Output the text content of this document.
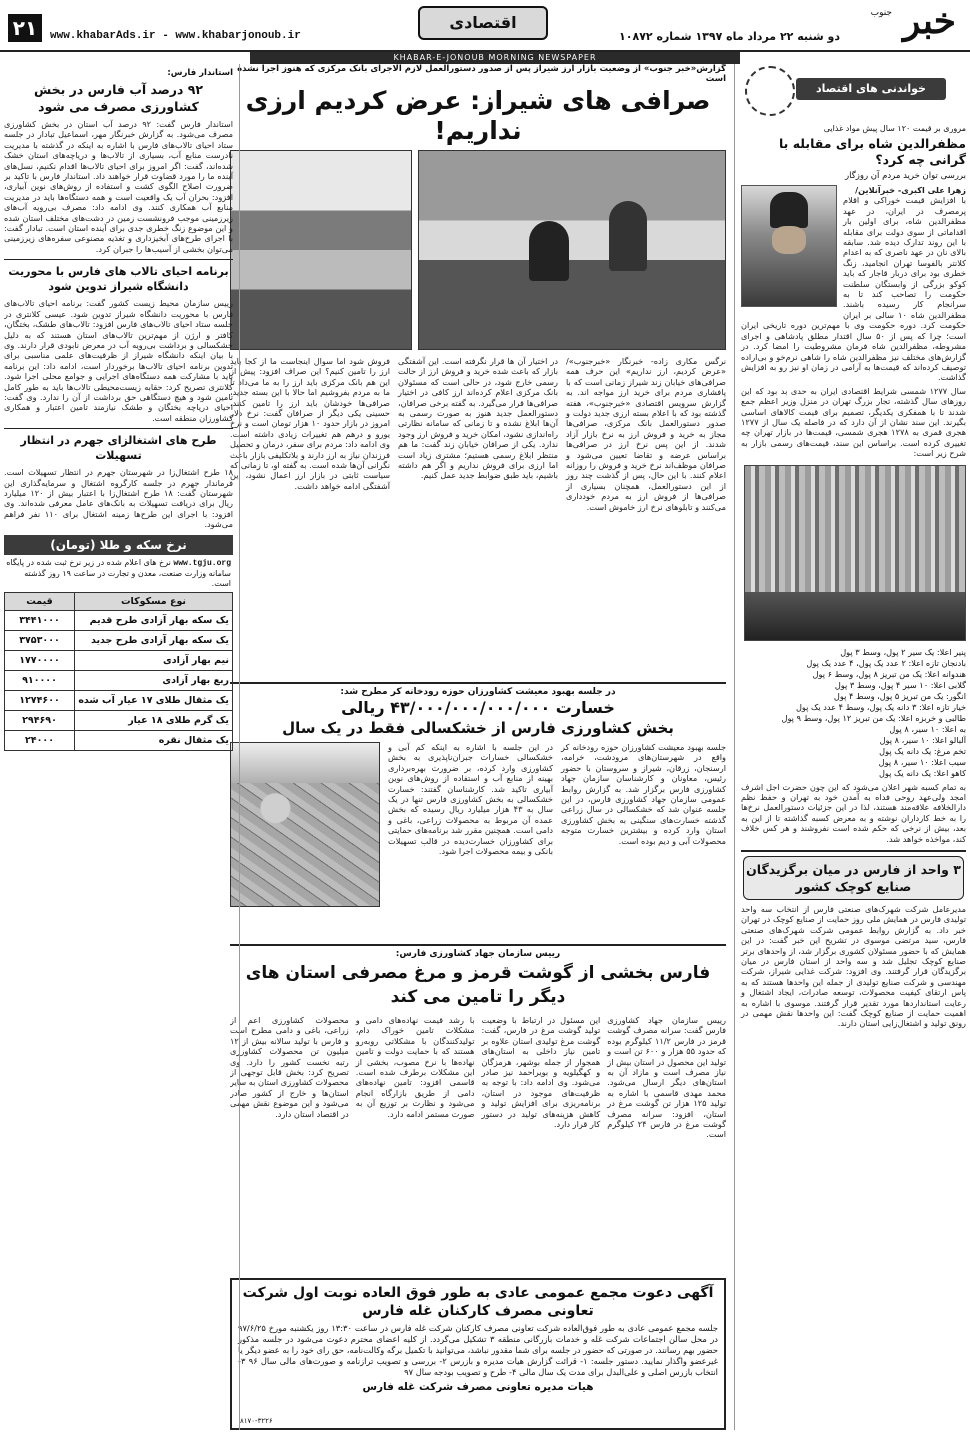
۲۱	www.khabarAds.ir - www.khabarjonoub.ir
اقتصادی
دو شنبه ۲۲ مرداد ماه ۱۳۹۷ شماره ۱۰۸۷۲ خبر
جنوب
KHABAR-E-JONOUB MORNING NEWSPAPER
خواندنی های اقتصاد
مروری بر قیمت ۱۲۰ سال پیش مواد غذایی
مظفرالدین شاه برای مقابله با گرانی چه کرد؟
بررسی توان خرید مردم آن روزگار
زهرا علی اکبری- خبرآنلاین/
با افزایش قیمت خوراکی و اقلام پرمصرف در ایران، در عهد مظفرالدین شاه، برای اولین بار اقداماتی از سوی دولت برای مقابله با این روند تدارک دیده شد. سابقه بالای نان در عهد ناصری که به اعدام کلانتر بالفوسا تهران انجامید، زنگ خطری بود برای دربار قاجار که باید کوکو بزرگی از وابستگان سلطنت حکومت را تصاحب کند تا به سرانجام کار رسیده باشند. مظفرالدین شاه ۱۰ سالی بر ایران حکومت کرد. دوره حکومت وی با مهم‌ترین دوره تاریخی ایران است؛ چرا که پس از ۵۰ سال اقتدار مطلق پادشاهی و اجرای مشروطه، مظفرالدین شاه فرمان مشروطیت را امضا کرد. در گزارش‌های مختلف نیز مظفرالدین شاه را شاهی نرم‌خو و بی‌اراده توصیف کرده‌اند که قیمت‌ها به آرامی در زمان او نیز رو به افزایش گذاشت.
سال ۱۲۷۷ شمسی شرایط اقتصادی ایران به حدی بد بود که این روزهای سال گذشته، تجار بزرگ تهران در منزل وزیر اعظم جمع شدند تا با همفکری یکدیگر، تصمیم برای قیمت کالاهای اساسی بگیرند. این سند نشان از آن دارد که در فاصله یک سال از ۱۲۷۷ هجری قمری به ۱۲۷۸ هجری شمسی، قیمت‌ها در بازار تهران چه تغییری کرده است. براساس این سند، قیمت‌های رسمی بازار به شرح زیر است:
پنیر اعلا: یک سیر ۲ پول، وسط ۳ پول
بادنجان تازه اعلا: ۲ عدد یک پول، ۴ عدد یک پول
هندوانه اعلا: یک من تبریز ۸ پول، وسط ۶ پول
گلابی اعلا: ۱۰ سیر ۴ پول، وسط ۳ پول
انگور: یک من تبریز ۵ پول، وسط ۴ پول
خیار تازه اعلا: ۳ دانه یک پول، وسط ۴ عدد یک پول
طالبی و خربزه اعلا: یک من تبریز ۱۲ پول، وسط ۹ پول
به اعلا: ۱۰ سیر، ۸ پول
آلبالو اعلا: ۱۰ سیر، ۸ پول
تخم مرغ: یک دانه یک پول
سیب اعلا: ۱۰ سیر، ۸ پول
کاهو اعلا: یک دانه یک پول
به تمام کسبه شهر اعلان می‌شود که این چون حضرت اجل اشرف امجد ولی‌عهد روحی فداه به آمدن خود به تهران و حفظ نظم دارالخلافه علاقه‌مند هستند، لذا در این جزئیات دستورالعمل نرخ‌ها را به خط کارداران نوشته و به معرض کسبه گذاشته تا از این به بعد، بیش از نرخی که حکم شده است نفروشند و هر کس خلاف کند، مواخذه خواهد شد.
۳ واحد از فارس در میان برگزیدگان صنایع کوچک کشور
مدیرعامل شرکت شهرک‌های صنعتی فارس از انتخاب سه واحد تولیدی فارس در همایش ملی روز حمایت از صنایع کوچک در تهران خبر داد. به گزارش روابط عمومی شرکت شهرک‌های صنعتی فارس، سید مرتضی موسوی در تشریح این خبر گفت: در این همایش که با حضور مسئولان کشوری برگزار شد، از واحدهای برتر صنایع کوچک تجلیل شد و سه واحد از استان فارس در میان برگزیدگان قرار گرفتند. وی افزود: شرکت غذایی شیراز، شرکت مهندسی و شرکت صنایع تولیدی از جمله این واحدها هستند که به پاس ارتقای کیفیت محصولات، توسعه صادرات، ایجاد اشتغال و رعایت استانداردها مورد تقدیر قرار گرفتند. موسوی با اشاره به اهمیت حمایت از صنایع کوچک گفت: این واحدها نقش مهمی در رونق تولید و اشتغال‌زایی استان دارند.
گزارش«خبر جنوب» از وضعیت بازار ارز شیراز پس از صدور دستورالعمل لازم الاجرای بانک مرکزی که هنوز اجرا نشده است
صرافی های شیراز: عرض کردیم ارزی نداریم!
نرگس مکاری زاده- خبرنگار «خبرجنوب»/ «عرض کردیم، ارز نداریم» این حرف همه صرافی‌های خیابان زند شیراز زمانی است که با پافشاری مردم برای خرید ارز مواجه اند. به گزارش سرویس اقتصادی «خبرجنوب»، هفته گذشته بود که با اعلام بسته ارزی جدید دولت و صدور دستورالعمل بانک مرکزی، صرافی‌ها مجاز به خرید و فروش ارز به نرخ بازار آزاد شدند. از این پس نرخ ارز در صرافی‌ها براساس عرضه و تقاضا تعیین می‌شود و صرافان موظف‌اند نرخ خرید و فروش را روزانه اعلام کنند. با این حال، پس از گذشت چند روز از این دستورالعمل، همچنان بسیاری از صرافی‌ها از فروش ارز به مردم خودداری می‌کنند و تابلوهای نرخ ارز خاموش است.
در اختیار آن ها قرار نگرفته است. این آشفتگی بازار که باعث شده خرید و فروش ارز از حالت رسمی خارج شود، در حالی است که مسئولان بانک مرکزی اعلام کرده‌اند ارز کافی در اختیار صرافی‌ها قرار می‌گیرد. به گفته برخی صرافان، دستورالعمل جدید هنوز به صورت رسمی به آن‌ها ابلاغ نشده و تا زمانی که سامانه نظارتی راه‌اندازی نشود، امکان خرید و فروش ارز وجود ندارد. یکی از صرافان خیابان زند گفت: ما هم منتظر ابلاغ رسمی هستیم؛ مشتری زیاد است اما ارزی برای فروش نداریم و اگر هم داشته باشیم، باید طبق ضوابط جدید عمل کنیم.
فروش شود اما سوال اینجاست ما از کجا باید ارز را تامین کنیم؟ این صراف افزود: پیش از این هم بانک مرکزی باید ارز را به ما می‌داد تا ما به مردم بفروشیم اما حالا با این بسته جدید، صرافی‌ها خودشان باید ارز را تامین کنند. حسینی یکی دیگر از صرافان گفت: نرخ دلار امروز در بازار حدود ۱۰ هزار تومان است و نرخ یورو و درهم هم تغییرات زیادی داشته است. وی ادامه داد: مردم برای سفر، درمان و تحصیل فرزندان نیاز به ارز دارند و بلاتکلیفی بازار باعث نگرانی آن‌ها شده است. به گفته او، تا زمانی که سیاست ثابتی در بازار ارز اعمال نشود، این آشفتگی ادامه خواهد داشت.
در جلسه بهبود معیشت کشاورزان حوزه رودخانه کر مطرح شد:
خسارت ۴۳/۰۰۰/۰۰۰/۰۰۰/۰۰۰ ریالی
بخش کشاورزی فارس از خشکسالی فقط در یک سال
جلسه بهبود معیشت کشاورزان حوزه رودخانه کر واقع در شهرستان‌های مرودشت، خرامه، ارسنجان، زرقان، شیراز و سروستان با حضور رئیس، معاونان و کارشناسان سازمان جهاد کشاورزی فارس برگزار شد. به گزارش روابط عمومی سازمان جهاد کشاورزی فارس، در این جلسه عنوان شد که خشکسالی در سال زراعی گذشته خسارت‌های سنگینی به بخش کشاورزی استان وارد کرده و بیشترین خسارت متوجه محصولات آبی و دیم بوده است.
در این جلسه با اشاره به اینکه کم آبی و خشکسالی خسارات جبران‌ناپذیری به بخش کشاورزی وارد کرده، بر ضرورت بهره‌برداری بهینه از منابع آب و استفاده از روش‌های نوین آبیاری تاکید شد. کارشناسان گفتند: خسارت خشکسالی به بخش کشاورزی فارس تنها در یک سال به ۴۳ هزار میلیارد ریال رسیده که بخش عمده آن مربوط به محصولات زراعی، باغی و دامی است. همچنین مقرر شد برنامه‌های حمایتی برای کشاورزان خسارت‌دیده در قالب تسهیلات بانکی و بیمه محصولات اجرا شود.
رییس سازمان جهاد کشاورزی فارس:
فارس بخشی از گوشت قرمز و مرغ مصرفی استان های دیگر را تامین می کند
رییس سازمان جهاد کشاورزی فارس گفت: سرانه مصرف گوشت قرمز در فارس ۱۱/۲ کیلوگرم بوده که حدود ۵۵ هزار و ۶۰۰ تن است و تولید این محصول در استان بیش از نیاز مصرف است و مازاد آن به استان‌های دیگر ارسال می‌شود. محمد مهدی قاسمی با اشاره به تولید ۱۲۵ هزار تن گوشت مرغ در استان، افزود: سرانه مصرف گوشت مرغ در فارس ۲۴ کیلوگرم است.
این مسئول در ارتباط با وضعیت تولید گوشت مرغ در فارس، گفت: گوشت مرغ تولیدی استان علاوه بر تامین نیاز داخلی به استان‌های همجوار از جمله بوشهر، هرمزگان و کهگیلویه و بویراحمد نیز صادر می‌شود. وی ادامه داد: با توجه به ظرفیت‌های موجود در استان، برنامه‌ریزی برای افزایش تولید و کاهش هزینه‌های تولید در دستور کار قرار دارد.
با رشد قیمت نهاده‌های دامی و مشکلات تامین خوراک دام، تولیدکنندگان با مشکلاتی روبه‌رو هستند که با حمایت دولت و تامین نهاده‌ها با نرخ مصوب، بخشی از این مشکلات برطرف شده است. قاسمی افزود: تامین نهاده‌های دامی از طریق بازارگاه انجام می‌شود و نظارت بر توزیع آن به صورت مستمر ادامه دارد.
محصولات کشاورزی اعم از زراعی، باغی و دامی مطرح است و فارس با تولید سالانه بیش از ۱۲ میلیون تن محصولات کشاورزی رتبه نخست کشور را دارد. وی تصریح کرد: بخش قابل توجهی از محصولات کشاورزی استان به سایر استان‌ها و خارج از کشور صادر می‌شود و این موضوع نقش مهمی در اقتصاد استان دارد.
آگهی دعوت مجمع عمومی عادی به طور فوق العاده نوبت اول شرکت تعاونی مصرف کارکنان غله فارس
جلسه مجمع عمومی عادی به طور فوق‌العاده شرکت تعاونی مصرف کارکنان شرکت غله فارس در ساعت ۱۳:۳۰ روز یکشنبه مورخ ۹۷/۶/۲۵ در محل سالن اجتماعات شرکت غله و خدمات بازرگانی منطقه ۳ تشکیل می‌گردد. از کلیه اعضای محترم دعوت می‌شود در جلسه مذکور حضور بهم رسانند. در صورتی که حضور در جلسه برای شما مقدور نباشد، می‌توانید با تکمیل برگه وکالت‌نامه، حق رای خود را به عضو دیگر یا غیرعضو واگذار نمایید. دستور جلسه: ۱- قرائت گزارش هیات مدیره و بازرس ۲- بررسی و تصویب ترازنامه و صورت‌های مالی سال ۹۶ ۳- انتخاب بازرس اصلی و علی‌البدل برای مدت یک سال مالی ۴- طرح و تصویب بودجه سال ۹۷
هیات مدیره تعاونی مصرف شرکت غله فارس
۸۱۷۰-۳۲۲۶
استاندار فارس:
۹۲ درصد آب فارس در بخش کشاورزی مصرف می شود
استاندار فارس گفت: ۹۲ درصد آب استان در بخش کشاورزی مصرف می‌شود. به گزارش خبرنگار مهر، اسماعیل تبادار در جلسه ستاد احیای تالاب‌های فارس با اشاره به اینکه در گذشته با مدیریت نادرست منابع آب، بسیاری از تالاب‌ها و دریاچه‌های استان خشک شده‌اند، گفت: اگر امروز برای احیای تالاب‌ها اقدام نکنیم، نسل‌های آینده ما را مورد قضاوت قرار خواهند داد. استاندار فارس با تاکید بر ضرورت اصلاح الگوی کشت و استفاده از روش‌های نوین آبیاری، افزود: بحران آب یک واقعیت است و همه دستگاه‌ها باید در مدیریت منابع آب همکاری کنند. وی ادامه داد: مصرف بی‌رویه آب‌های زیرزمینی موجب فرونشست زمین در دشت‌های مختلف استان شده و این موضوع زنگ خطری جدی برای آینده استان است. تبادار گفت: با اجرای طرح‌های آبخیزداری و تغذیه مصنوعی سفره‌های زیرزمینی می‌توان بخشی از آسیب‌ها را جبران کرد.
برنامه احیای تالاب های فارس با محوریت دانشگاه شیراز تدوین شود
رییس سازمان محیط زیست کشور گفت: برنامه احیای تالاب‌های فارس با محوریت دانشگاه شیراز تدوین شود. عیسی کلانتری در جلسه ستاد احیای تالاب‌های فارس افزود: تالاب‌های طشک، بختگان، کافتر و ارژن از مهم‌ترین تالاب‌های استان هستند که به دلیل خشکسالی و برداشت بی‌رویه آب در معرض نابودی قرار دارند. وی با بیان اینکه دانشگاه شیراز از ظرفیت‌های علمی مناسبی برای تدوین برنامه احیای تالاب‌ها برخوردار است، ادامه داد: این برنامه باید با مشارکت همه دستگاه‌های اجرایی و جوامع محلی اجرا شود. کلانتری تصریح کرد: حقابه زیست‌محیطی تالاب‌ها باید به طور کامل تامین شود و هیچ دستگاهی حق برداشت از آن را ندارد. وی گفت: احیای دریاچه بختگان و طشک نیازمند تامین اعتبار و همکاری کشاورزان منطقه است.
طرح های اشتغالزای جهرم در انتظار تسهیلات
۱۸ طرح اشتغال‌زا در شهرستان جهرم در انتظار تسهیلات است. فرماندار جهرم در جلسه کارگروه اشتغال و سرمایه‌گذاری این شهرستان گفت: ۱۸ طرح اشتغال‌زا با اعتبار بیش از ۱۲۰ میلیارد ریال برای دریافت تسهیلات به بانک‌های عامل معرفی شده‌اند. وی افزود: با اجرای این طرح‌ها زمینه اشتغال برای ۱۱۰ نفر فراهم می‌شود.
نرخ سکه و طلا (تومان)
www.tgju.org نرخ های اعلام شده در زیر نرخ ثبت شده در پایگاه سامانه وزارت صنعت، معدن و تجارت در ساعت ۱۹ روز گذشته است.
نوع مسکوکات	قیمت
یک سکه بهار آزادی طرح قدیم	۳۴۴۱۰۰۰
یک سکه بهار آزادی طرح جدید	۳۷۵۳۰۰۰
نیم بهار آزادی	۱۷۷۰۰۰۰
ربع بهار آزادی	۹۱۰۰۰۰
یک مثقال طلای ۱۷ عیار آب شده	۱۲۷۴۶۰۰
یک گرم طلای ۱۸ عیار	۲۹۴۶۹۰
یک مثقال نقره	۲۴۰۰۰
